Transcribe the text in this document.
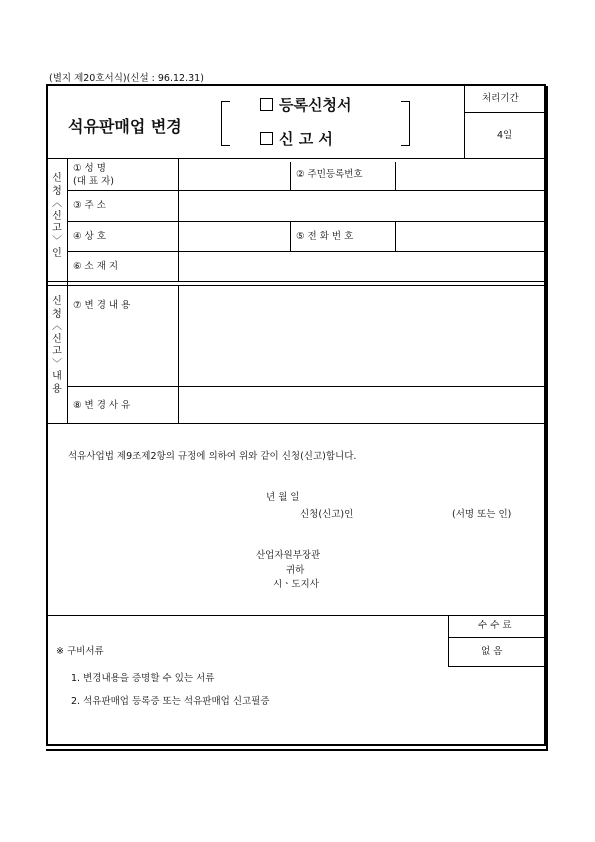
(별지 제20호서식)(신설 : 96.12.31)
석유판매업 변경
등록신청서
신 고 서
처리기간
4일
신
청
︿
신
고
﹀
인
① 성 명
(대 표 자)
② 주민등록번호
③ 주 소
④ 상 호	⑤ 전 화 번 호
⑥ 소 재 지
신
청
︿
신
고
﹀
내
용
⑦ 변 경 내 용
⑧ 변 경 사 유
석유사업법 제9조제2항의 규정에 의하여 위와 같이 신청(신고)합니다.
년 월 일
신청(신고)인	(서명 또는 인)
산업자원부장관
귀하
시ㆍ도지사
수 수 료
없 음
※ 구비서류
1. 변경내용을 증명할 수 있는 서류
2. 석유판매업 등록증 또는 석유판매업 신고필증
